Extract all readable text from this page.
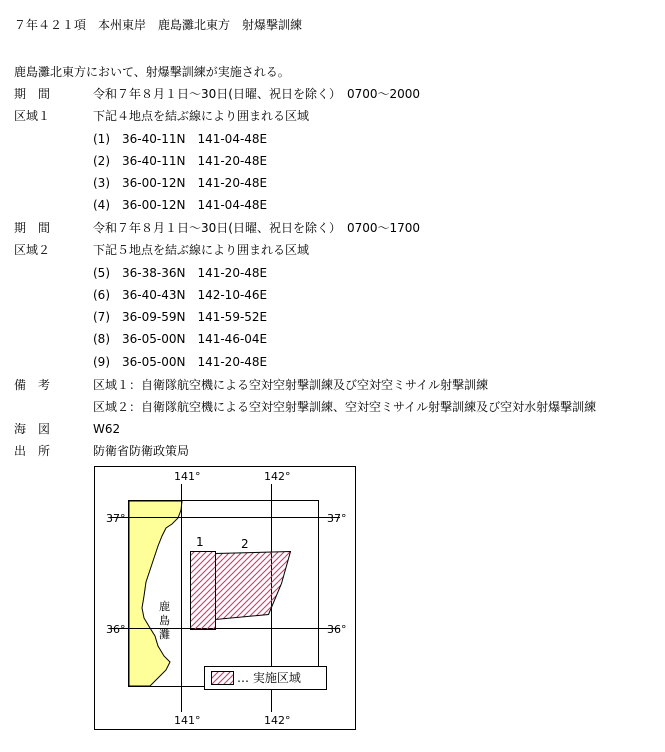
７年４２１項　本州東岸　鹿島灘北東方　射爆撃訓練
鹿島灘北東方において、射爆撃訓練が実施される。
期　間	令和７年８月１日〜30日(日曜、祝日を除く）　0700〜2000
区域１	下記４地点を結ぶ線により囲まれる区域
(1)　36-40-11N　141-04-48E
(2)　36-40-11N　141-20-48E
(3)　36-00-12N　141-20-48E
(4)　36-00-12N　141-04-48E
期　間	令和７年８月１日〜30日(日曜、祝日を除く）　0700〜1700
区域２	下記５地点を結ぶ線により囲まれる区域
(5)　36-38-36N　141-20-48E
(6)　36-40-43N　142-10-46E
(7)　36-09-59N　141-59-52E
(8)　36-05-00N　141-46-04E
(9)　36-05-00N　141-20-48E
備　考	区域１：自衛隊航空機による空対空射撃訓練及び空対空ミサイル射撃訓練
区域２：自衛隊航空機による空対空射撃訓練、空対空ミサイル射撃訓練及び空対水射爆撃訓練
海　図	W62
出　所	防衛省防衛政策局
1	2
141°	142°
141°	142°
37°	37°
36°	36°
鹿
島
灘
… 実施区域
